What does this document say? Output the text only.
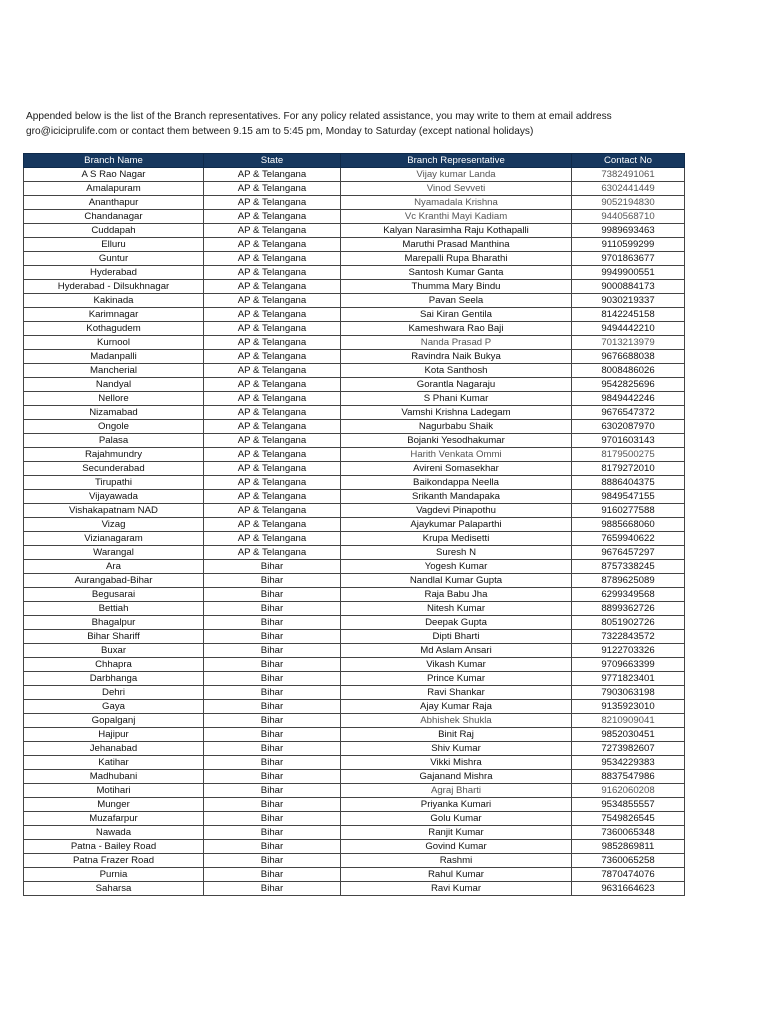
Appended below is the list of the Branch representatives. For any policy related assistance, you may write to them at email address
gro@iciciprulife.com or contact them between 9.15 am to 5:45 pm, Monday to Saturday (except national holidays)

Branch Name	State	Branch Representative	Contact No
A S Rao Nagar	AP & Telangana	Vijay kumar Landa	7382491061
Amalapuram	AP & Telangana	Vinod Sevveti	6302441449
Ananthapur	AP & Telangana	Nyamadala Krishna	9052194830
Chandanagar	AP & Telangana	Vc Kranthi Mayi Kadiam	9440568710
Cuddapah	AP & Telangana	Kalyan Narasimha Raju Kothapalli	9989693463
Elluru	AP & Telangana	Maruthi Prasad Manthina	9110599299
Guntur	AP & Telangana	Marepalli Rupa Bharathi	9701863677
Hyderabad	AP & Telangana	Santosh Kumar Ganta	9949900551
Hyderabad - Dilsukhnagar	AP & Telangana	Thumma Mary Bindu	9000884173
Kakinada	AP & Telangana	Pavan Seela	9030219337
Karimnagar	AP & Telangana	Sai Kiran Gentila	8142245158
Kothagudem	AP & Telangana	Kameshwara Rao Baji	9494442210
Kurnool	AP & Telangana	Nanda Prasad P	7013213979
Madanpalli	AP & Telangana	Ravindra Naik Bukya	9676688038
Mancherial	AP & Telangana	Kota Santhosh	8008486026
Nandyal	AP & Telangana	Gorantla Nagaraju	9542825696
Nellore	AP & Telangana	S Phani Kumar	9849442246
Nizamabad	AP & Telangana	Vamshi Krishna Ladegam	9676547372
Ongole	AP & Telangana	Nagurbabu Shaik	6302087970
Palasa	AP & Telangana	Bojanki Yesodhakumar	9701603143
Rajahmundry	AP & Telangana	Harith Venkata Ommi	8179500275
Secunderabad	AP & Telangana	Avireni Somasekhar	8179272010
Tirupathi	AP & Telangana	Baikondappa Neella	8886404375
Vijayawada	AP & Telangana	Srikanth Mandapaka	9849547155
Vishakapatnam NAD	AP & Telangana	Vagdevi Pinapothu	9160277588
Vizag	AP & Telangana	Ajaykumar Palaparthi	9885668060
Vizianagaram	AP & Telangana	Krupa Medisetti	7659940622
Warangal	AP & Telangana	Suresh N	9676457297
Ara	Bihar	Yogesh Kumar	8757338245
Aurangabad-Bihar	Bihar	Nandlal Kumar Gupta	8789625089
Begusarai	Bihar	Raja Babu Jha	6299349568
Bettiah	Bihar	Nitesh Kumar	8899362726
Bhagalpur	Bihar	Deepak Gupta	8051902726
Bihar Shariff	Bihar	Dipti Bharti	7322843572
Buxar	Bihar	Md Aslam Ansari	9122703326
Chhapra	Bihar	Vikash Kumar	9709663399
Darbhanga	Bihar	Prince Kumar	9771823401
Dehri	Bihar	Ravi Shankar	7903063198
Gaya	Bihar	Ajay Kumar Raja	9135923010
Gopalganj	Bihar	Abhishek Shukla	8210909041
Hajipur	Bihar	Binit Raj	9852030451
Jehanabad	Bihar	Shiv Kumar	7273982607
Katihar	Bihar	Vikki Mishra	9534229383
Madhubani	Bihar	Gajanand Mishra	8837547986
Motihari	Bihar	Agraj Bharti	9162060208
Munger	Bihar	Priyanka Kumari	9534855557
Muzafarpur	Bihar	Golu Kumar	7549826545
Nawada	Bihar	Ranjit Kumar	7360065348
Patna - Bailey Road	Bihar	Govind Kumar	9852869811
Patna Frazer Road	Bihar	Rashmi	7360065258
Purnia	Bihar	Rahul Kumar	7870474076
Saharsa	Bihar	Ravi Kumar	9631664623
